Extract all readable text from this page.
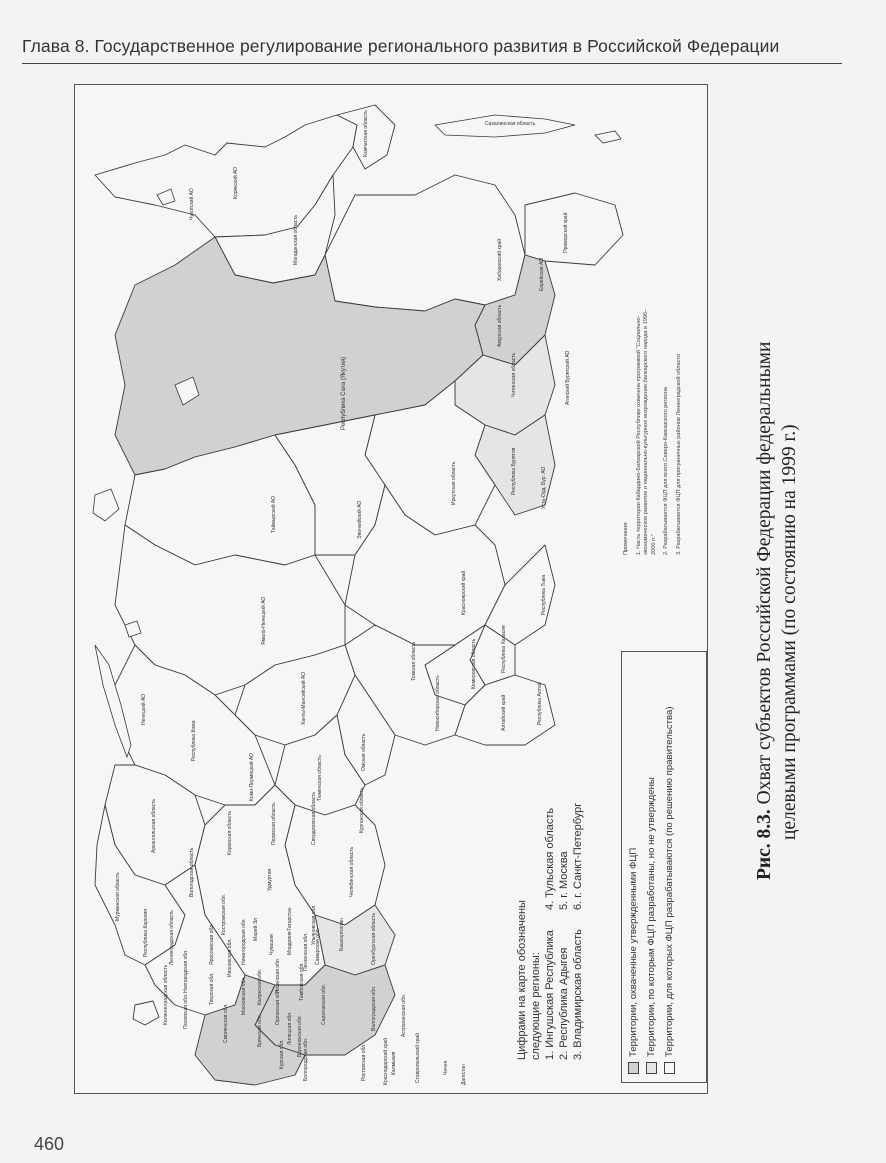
Глава 8. Государственное регулирование регионального развития в Российской Федерации
Чукотский АО
Корякский АО
Магаданская область
Камчатская область	Сахалинская область
Хабаровский край
Приморский край
Еврейская АО
Амурская область
Республика Саха (Якутия)	Читинская область	Агинский Бурятский АО
Республика Бурятия	Усть-Орд. Бур. АО
Иркутская область
Таймырский АО	Эвенкийский АО
Красноярский край	Республика Тыва
Республика Хакасия
Кемеровская область
Республика Алтай
Алтайский край
Томская область
Новосибирская область
Омская область
Ямало-Ненецкий АО
Ханты-Мансийский АО
Тюменская область
Курганская область
Свердловская область
Челябинская область
Оренбургская область
Республика Коми
Ненецкий АО
Архангельская область
Мурманская область
Республика Карелия
Калининградская область
Коми-Пермяцкий АО
Пермская область
Башкортостан
Вологодская область
Ленинградская область
Кировская область
Удмуртия
Татарстан
Самарская обл.
Саратовская обл.	Волгоградская обл.	Астраханская обл.
Калмыкия
Ростовская обл.	Краснодарский край	Ставропольский край	Дагестан
Чечня
Воронежская обл.
Белгородская обл.
Курская обл.
Брянская обл.
Орловская обл.
Калужская обл. Рязанская обл.	Тамбовская обл.
Липецкая обл.
Пензенская обл.
Мордовия
Чувашия
Марий Эл
Нижегородская обл.
Ивановская обл.
Московская обл.
Ульяновская обл.
Костромская обл.
Ярославская обл.
Тверская обл.
Новгородская обл.
Псковская обл.	Смоленская обл.

Примечания: 1. Часть территории Кабардино-Балкарской Республики охвачена программой "Социально-экономическое развитие и национально-культурное возрождение балкарского народа в 1996–2000 гг." 2. Разрабатывается ФЦП для всего Северо-Кавказского региона 3. Разрабатывается ФЦП для приграничных районов Ленинградской области

Цифрами на карте обозначены следующие регионы: 1. Ингушская Республика 2. Республика Адыгея 3. Владимирская область
4. Тульская область 5. г. Москва 6. г. Санкт-Петербург	Территории, охваченные утвержденными ФЦП Территории, по которым ФЦП разработаны, но не утверждены Территории, для которых ФЦП разрабатываются (по решению правительства)	Рис. 8.3. Охват субъектов Российской Федерации федеральными целевыми программами (по состоянию на 1999 г.)
460
